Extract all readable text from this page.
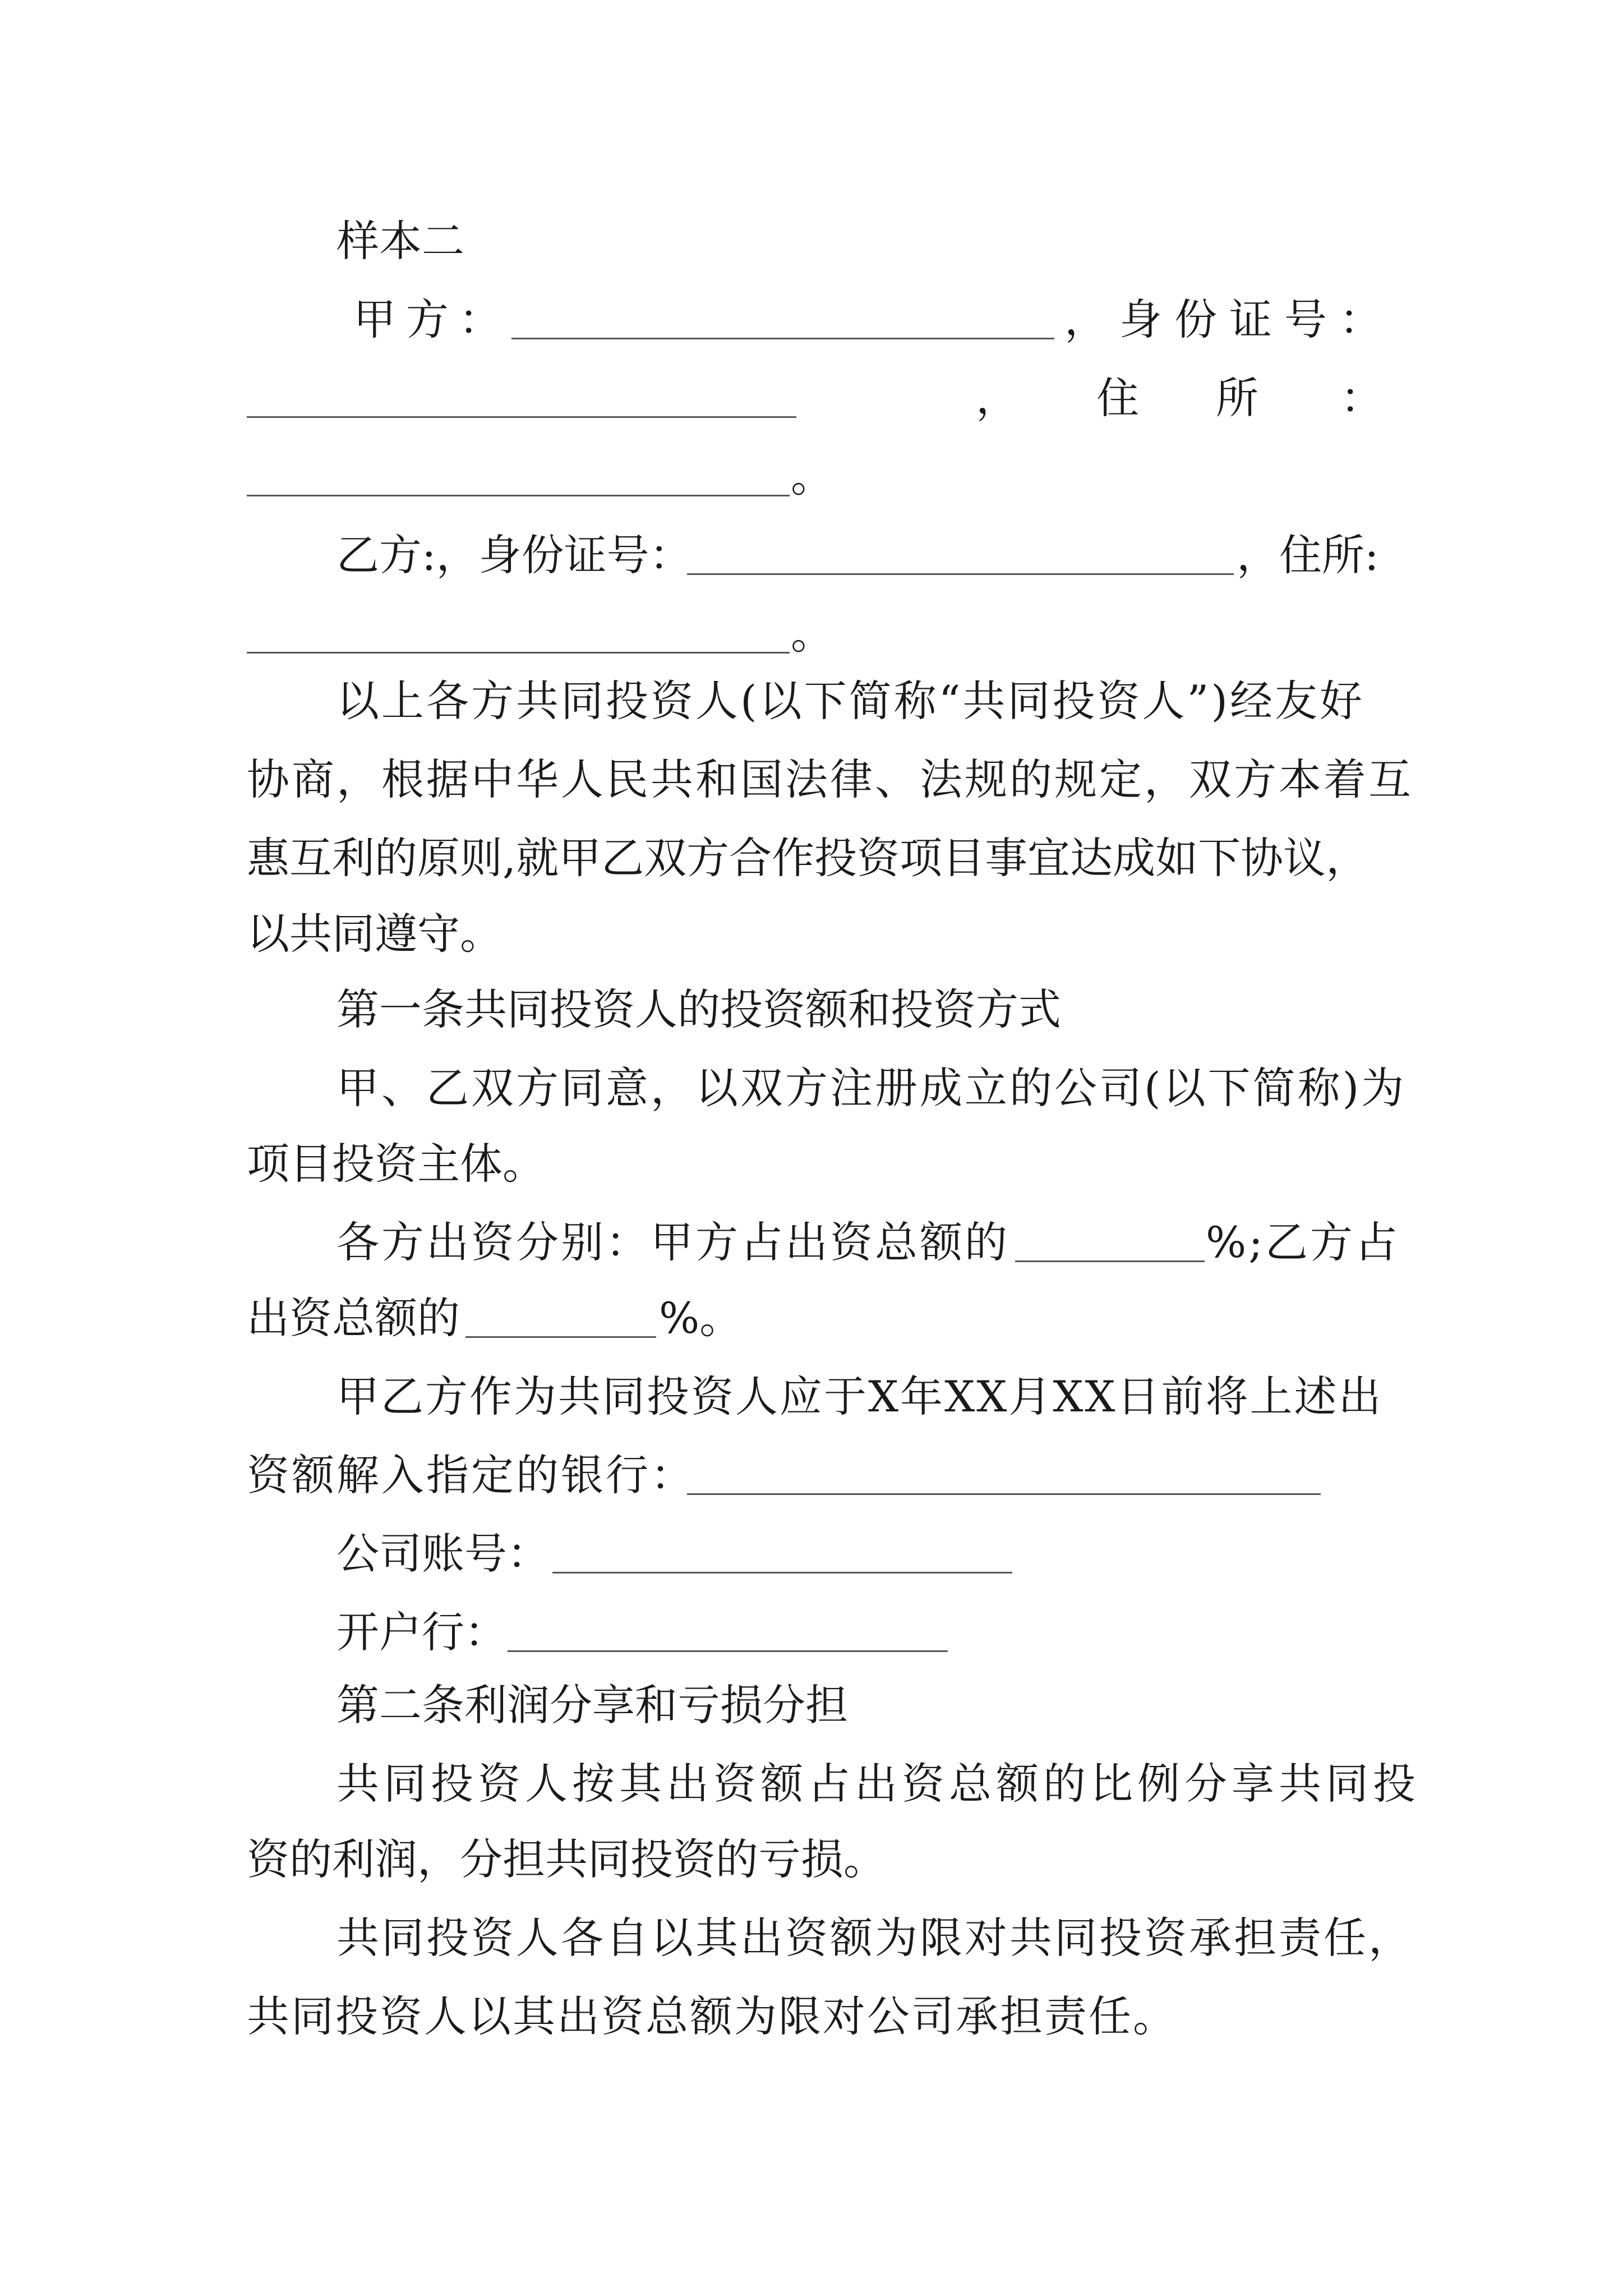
样本二
甲方：	，身份证号：
， 住 所 ：
。
乙方:，身份证号：	，住所:
。
以上各方共同投资人(以下简称“共同投资人”)经友好
协商，根据中华人民共和国法律、法规的规定，双方本着互
惠互利的原则,就甲乙双方合作投资项目事宜达成如下协议，
以共同遵守。
第一条共同投资人的投资额和投资方式
甲、乙双方同意，以双方注册成立的公司(以下简称)为
项目投资主体。
各方出资分别：甲方占出资总额的	%;乙方占
出资总额的	%。
甲乙方作为共同投资人应于X年XX月XX日前将上述出
资额解入指定的银行：
公司账号：
开户行：
第二条利润分享和亏损分担
共同投资人按其出资额占出资总额的比例分享共同投
资的利润，分担共同投资的亏损。
共同投资人各自以其出资额为限对共同投资承担责任，
共同投资人以其出资总额为限对公司承担责任。
